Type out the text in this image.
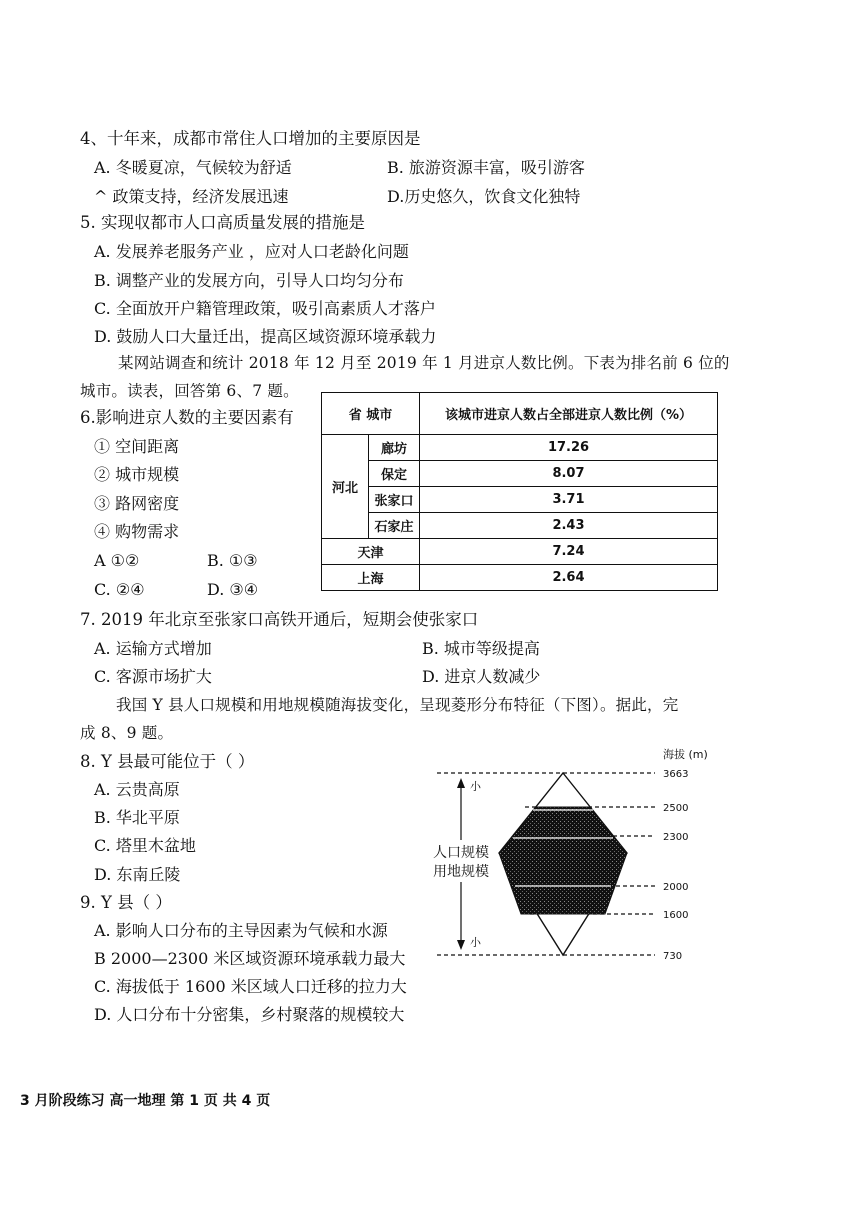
4、十年来，成都市常住人口增加的主要原因是
A. 冬暖夏凉，气候较为舒适	B. 旅游资源丰富，吸引游客
^ 政策支持，经济发展迅速	D.历史悠久，饮食文化独特
5. 实现収都市人口高质量发展的措施是
A. 发展养老服务产业 ，应对人口老龄化问题
B. 调整产业的发展方向，引导人口均匀分布
C. 全面放开户籍管理政策，吸引高素质人才落户
D. 鼓励人口大量迁出，提高区域资源环境承载力
某网站调查和统计 2018 年 12 月至 2019 年 1 月进京人数比例。下表为排名前 6 位的
城市。读表，回答第 6、7 题。
6.影响进京人数的主要因素有
① 空间距离
② 城市规模
③ 路网密度
④ 购物需求
A ①②	B. ①③
C. ②④	D. ③④
省 城市		该城市进京人数占全部进京人数比例（%）
河北	廊坊	17.26
	保定	8.07
	张家口	3.71
	石家庄	2.43
天津		7.24
上海		2.64
7. 2019 年北京至张家口高铁开通后，短期会使张家口
A. 运输方式增加	B. 城市等级提高
C. 客源市场扩大	D. 进京人数减少
我国 Y 县人口规模和用地规模随海拔变化，呈现菱形分布特征（下图）。据此，完
成 8、9 题。
8. Y 县最可能位于（ ）
A. 云贵高原
B. 华北平原
C. 塔里木盆地
D. 东南丘陵
9. Y 县（ ）
A. 影响人口分布的主导因素为气候和水源
B 2000—2300 米区域资源环境承载力最大
C. 海拔低于 1600 米区域人口迁移的拉力大
D. 人口分布十分密集，乡村聚落的规模较大
海拔 (m)
小
小
人口规模
用地规模
3663
2500
2300
2000
1600
730
3 月阶段练习 高一地理 第 1 页 共 4 页
